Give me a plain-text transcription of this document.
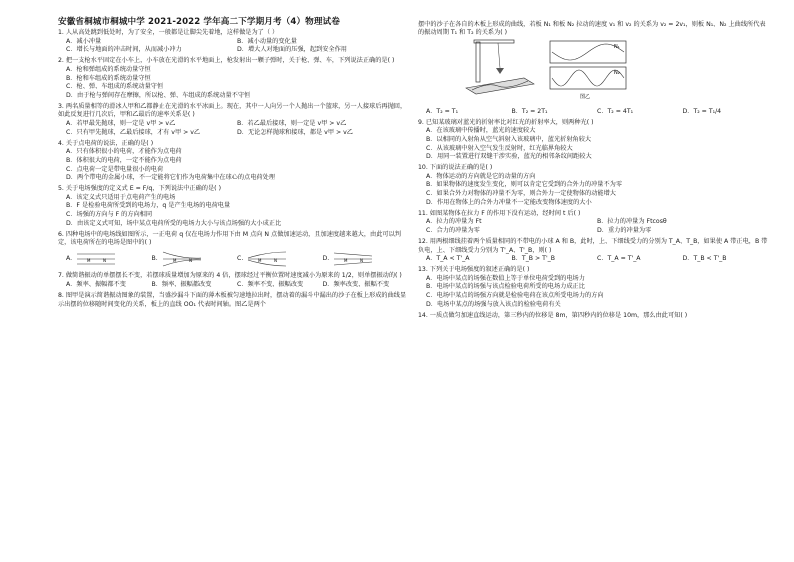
安徽省桐城市桐城中学 2021-2022 学年高二下学期月考（4）物理试卷
1. 人从高处跳到低处时，为了安全，一般都是让脚尖先着地，这样做是为了（ ）
A．减小冲量	B．减小动量的变化量
C．增长与地面的冲击时间，从而减小冲力	D．增大人对地面的压强，起到安全作用
2. 把一支枪水平固定在小车上，小车放在光滑的水平地面上，枪发射出一颗子弹时，关于枪、弹、车，下列说法正确的是( )
A．枪和弹组成的系统动量守恒
B．枪和车组成的系统动量守恒
C．枪、弹、车组成的系统动量守恒
D．由于枪与弹间存在摩擦，所以枪、弹、车组成的系统动量不守恒
3. 两名质量相等的滑冰人甲和乙都静止在光滑的水平冰面上。现在，其中一人向另一个人抛出一个篮球，另一人接球后再抛回，如此反复进行几次后，甲和乙最后的速率关系是( )
A．若甲最先抛球，则一定是 v甲 > v乙	B．若乙最后接球，则一定是 v甲 > v乙
C．只有甲先抛球，乙最后接球，才有 v甲 > v乙	D．无论怎样抛球和接球，都是 v甲 > v乙
4. 关于点电荷的说法，正确的是( )
A．只有体积很小的电荷，才能作为点电荷
B．体积很大的电荷，一定不能作为点电荷
C．点电荷一定是带电量很小的电荷
D．两个带电的金属小球，不一定能将它们作为电荷集中在球心的点电荷处理
5. 关于电场强度的定义式 E = F/q，下列说法中正确的是( )
A．该定义式只适用于点电荷产生的电场
B．F 是检验电荷所受到的电场力，q 是产生电场的电荷电量
C．场强的方向与 F 的方向相同
D．由该定义式可知，场中某点电荷所受的电场力大小与该点场强的大小成正比
6. 四种电场中的电场线如图所示，一正电荷 q 仅在电场力作用下由 M 点向 N 点做加速运动，且加速度越来越大，由此可以判定，该电荷所在的电场是图中的( )
A.	M	N	B.	M	N	C.	M	N	D.	M	N
7. 做简谐振动的单摆摆长不变，若摆球质量增加为原来的 4 倍，摆球经过平衡位置时速度减小为原来的 1/2，则单摆振动的( )
A．频率、振幅都不变	B．频率、振幅都改变	C．频率不变、振幅改变	D．频率改变、振幅不变
8. 图甲是演示简谐振动图象的装置，当盛沙漏斗下面的薄木板被匀速地拉出时，摆动着的漏斗中漏出的沙子在板上形成的曲线显示出摆的位移随时间变化的关系，板上的直线 OO₁ 代表时间轴。图乙是两个
摆中的沙子在各自的木板上形成的曲线，若板 N₁ 和板 N₂ 拉动的速度 v₁ 和 v₂ 的关系为 v₂ = 2v₁，则板 N₁、N₂ 上曲线所代表的振动周期 T₁ 和 T₂ 的关系为( )
N₁
N₂
图乙
A．T₂ = T₁	B．T₂ = 2T₁	C．T₂ = 4T₁	D．T₂ = T₁/4
9. 已知某玻璃对蓝光的折射率比对红光的折射率大，则两种光( )
A．在该玻璃中传播时，蓝光的速度较大
B．以相同的入射角从空气斜射入该玻璃中，蓝光折射角较大
C．从该玻璃中射入空气发生反射时，红光临界角较大
D．用同一装置进行双缝干涉实验，蓝光的相邻条纹间距较大
10. 下面的说法正确的是( )
A．物体运动的方向就是它的动量的方向
B．如果物体的速度发生变化，则可以肯定它受到的合外力的冲量不为零
C．如果合外力对物体的冲量不为零，则合外力一定使物体的动能增大
D．作用在物体上的合外力冲量不一定能改变物体速度的大小
11. 如图某物体在拉力 F 的作用下没有运动，经时间 t 后( )
A．拉力的冲量为 Ft	B．拉力的冲量为 Ftcosθ
C．合力的冲量为零	D．重力的冲量为零
12. 用两根细线挂着两个质量相同的不带电的小球 A 和 B，此时，上、下细线受力的分别为 T_A、T_B，如果使 A 带正电，B 带负电，上、下细线受力分别为 T'_A、T'_B，则( )
A．T_A < T'_A	B．T_B > T'_B	C．T_A = T'_A	D．T_B < T'_B
13. 下列关于电场强度的叙述正确的是( )
A．电场中某点的场强在数值上等于单位电荷受到的电场力
B．电场中某点的场强与该点检验电荷所受的电场力成正比
C．电场中某点的场强方向就是检验电荷在该点所受电场力的方向
D．电场中某点的场强与放入该点的检验电荷有关
14. 一质点做匀加速直线运动，第三秒内的位移是 8m，第四秒内的位移是 10m，那么由此可知( )
